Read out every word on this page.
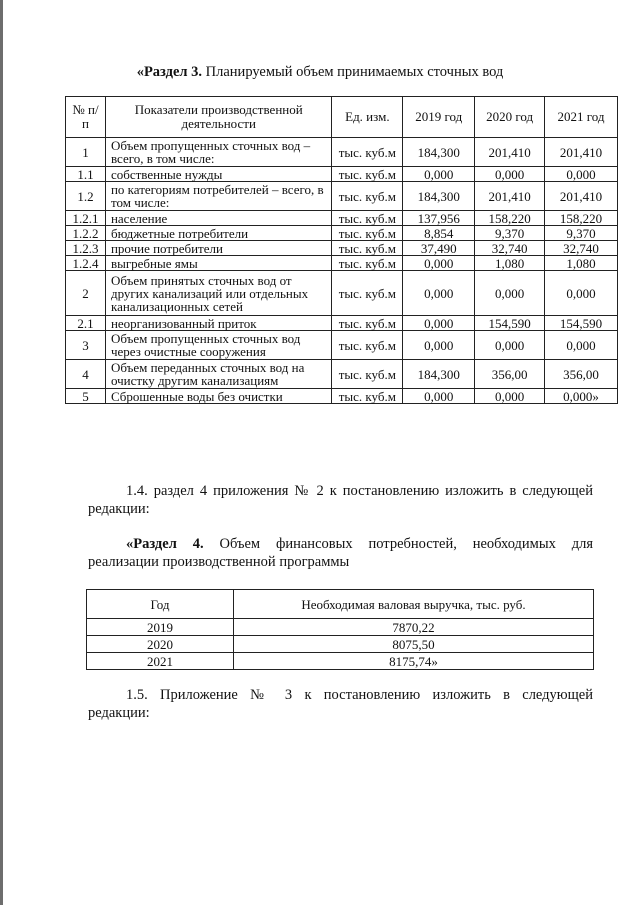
«Раздел 3. Планируемый объем принимаемых сточных вод
№ п/п	Показатели производственной деятельности	Ед. изм.	2019 год	2020 год	2021 год
1	Объем пропущенных сточных вод – всего, в том числе:	тыс. куб.м	184,300	201,410	201,410
1.1	собственные нужды	тыс. куб.м	0,000	0,000	0,000
1.2	по категориям потребителей – всего, в том числе:	тыс. куб.м	184,300	201,410	201,410
1.2.1	население	тыс. куб.м	137,956	158,220	158,220
1.2.2	бюджетные потребители	тыс. куб.м	8,854	9,370	9,370
1.2.3	прочие потребители	тыс. куб.м	37,490	32,740	32,740
1.2.4	выгребные ямы	тыс. куб.м	0,000	1,080	1,080
2	Объем принятых сточных вод от других канализаций или отдельных канализационных сетей	тыс. куб.м	0,000	0,000	0,000
2.1	неорганизованный приток	тыс. куб.м	0,000	154,590	154,590
3	Объем пропущенных сточных вод через очистные сооружения	тыс. куб.м	0,000	0,000	0,000
4	Объем переданных сточных вод на очистку другим канализациям	тыс. куб.м	184,300	356,00	356,00
5	Сброшенные воды без очистки	тыс. куб.м	0,000	0,000	0,000»
1.4. раздел 4 приложения № 2 к постановлению изложить в следующей
редакции:
«Раздел 4. Объем финансовых потребностей, необходимых для
реализации производственной программы
Год	Необходимая валовая выручка, тыс. руб.
2019	7870,22
2020	8075,50
2021	8175,74»
1.5. Приложение № 3 к постановлению изложить в следующей
редакции:
